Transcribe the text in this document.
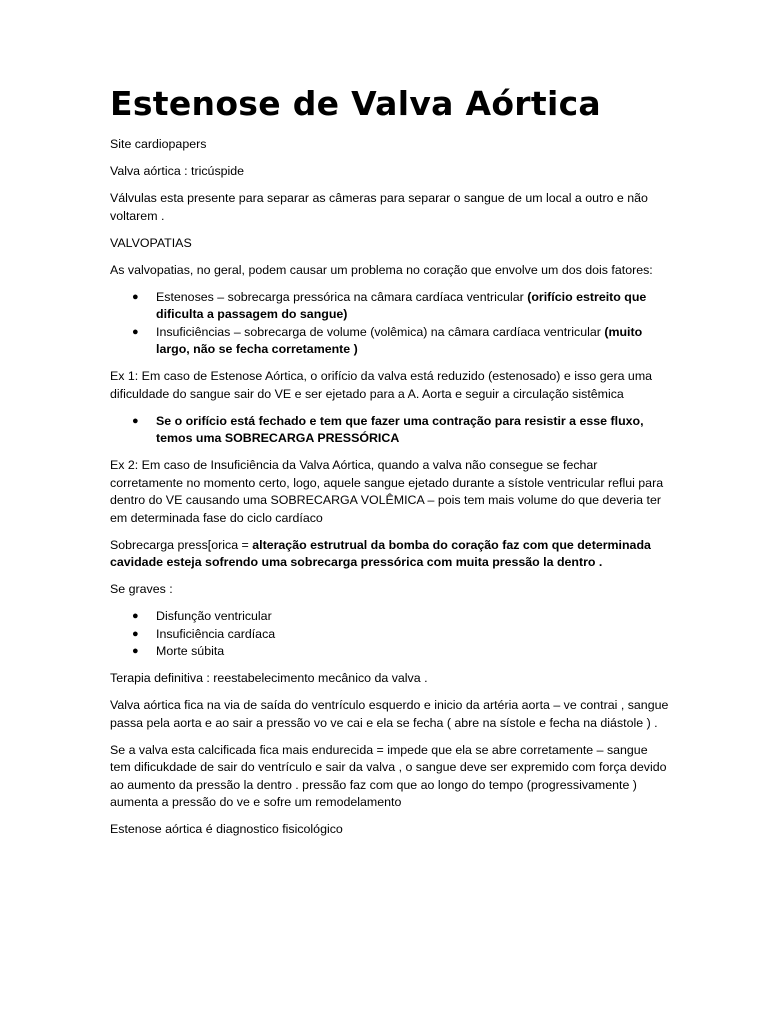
Estenose de Valva Aórtica

Site cardiopapers

Valva aórtica : tricúspide

Válvulas esta presente para separar as câmeras para separar o sangue de um local a outro e não voltarem .

VALVOPATIAS

As valvopatias, no geral, podem causar um problema no coração que envolve um dos dois fatores:

● Estenoses – sobrecarga pressórica na câmara cardíaca ventricular (orifício estreito que dificulta a passagem do sangue)
● Insuficiências – sobrecarga de volume (volêmica) na câmara cardíaca ventricular (muito largo, não se fecha corretamente )

Ex 1: Em caso de Estenose Aórtica, o orifício da valva está reduzido (estenosado) e isso gera uma dificuldade do sangue sair do VE e ser ejetado para a A. Aorta e seguir a circulação sistêmica

● Se o orifício está fechado e tem que fazer uma contração para resistir a esse fluxo, temos uma SOBRECARGA PRESSÓRICA

Ex 2: Em caso de Insuficiência da Valva Aórtica, quando a valva não consegue se fechar corretamente no momento certo, logo, aquele sangue ejetado durante a sístole ventricular reflui para dentro do VE causando uma SOBRECARGA VOLÊMICA – pois tem mais volume do que deveria ter em determinada fase do ciclo cardíaco

Sobrecarga press[orica = alteração estrutrual da bomba do coração faz com que determinada cavidade esteja sofrendo uma sobrecarga pressórica com muita pressão la dentro .

Se graves :

● Disfunção ventricular
● Insuficiência cardíaca
● Morte súbita

Terapia definitiva : reestabelecimento mecânico da valva .

Valva aórtica fica na via de saída do ventrículo esquerdo e inicio da artéria aorta – ve contrai , sangue passa pela aorta e ao sair a pressão vo ve cai e ela se fecha ( abre na sístole e fecha na diástole ) .

Se a valva esta calcificada fica mais endurecida = impede que ela se abre corretamente – sangue tem dificukdade de sair do ventrículo e sair da valva , o sangue deve ser expremido com força devido ao aumento da pressão la dentro . pressão faz com que ao longo do tempo (progressivamente ) aumenta a pressão do ve e sofre um remodelamento

Estenose aórtica é diagnostico fisicológico
